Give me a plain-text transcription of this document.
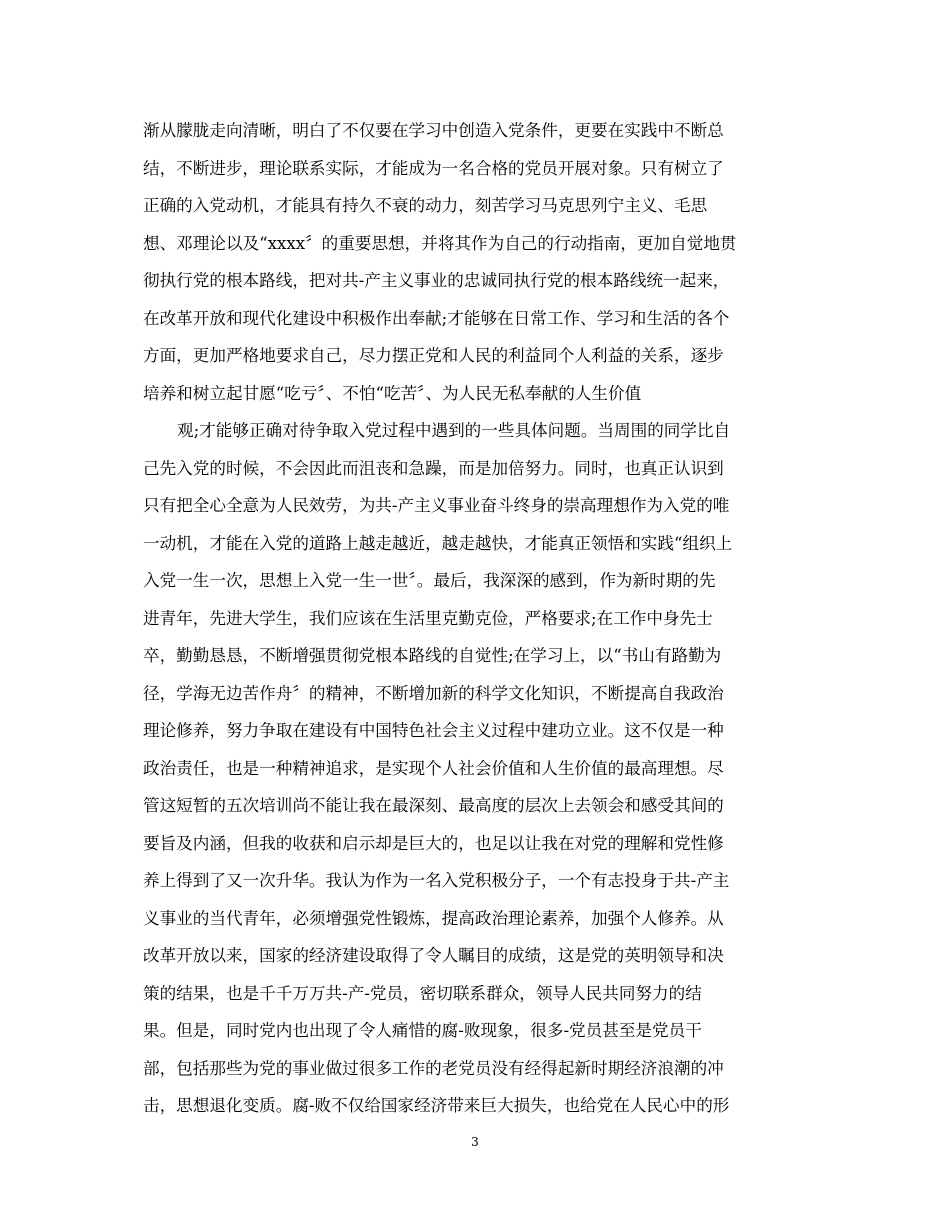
渐从朦胧走向清晰，明白了不仅要在学习中创造入党条件，更要在实践中不断总
结，不断进步，理论联系实际，才能成为一名合格的党员开展对象。只有树立了
正确的入党动机，才能具有持久不衰的动力，刻苦学习马克思列宁主义、毛思
想、邓理论以及“xxxx〞的重要思想，并将其作为自己的行动指南，更加自觉地贯
彻执行党的根本路线，把对共-产主义事业的忠诚同执行党的根本路线统一起来，
在改革开放和现代化建设中积极作出奉献;才能够在日常工作、学习和生活的各个
方面，更加严格地要求自己，尽力摆正党和人民的利益同个人利益的关系，逐步
培养和树立起甘愿“吃亏〞、不怕“吃苦〞、为人民无私奉献的人生价值
观;才能够正确对待争取入党过程中遇到的一些具体问题。当周围的同学比自
己先入党的时候，不会因此而沮丧和急躁，而是加倍努力。同时，也真正认识到
只有把全心全意为人民效劳，为共-产主义事业奋斗终身的崇高理想作为入党的唯
一动机，才能在入党的道路上越走越近，越走越快，才能真正领悟和实践“组织上
入党一生一次，思想上入党一生一世〞。最后，我深深的感到，作为新时期的先
进青年，先进大学生，我们应该在生活里克勤克俭，严格要求;在工作中身先士
卒，勤勤恳恳，不断增强贯彻党根本路线的自觉性;在学习上，以“书山有路勤为
径，学海无边苦作舟〞的精神，不断增加新的科学文化知识，不断提高自我政治
理论修养，努力争取在建设有中国特色社会主义过程中建功立业。这不仅是一种
政治责任，也是一种精神追求，是实现个人社会价值和人生价值的最高理想。尽
管这短暂的五次培训尚不能让我在最深刻、最高度的层次上去领会和感受其间的
要旨及内涵，但我的收获和启示却是巨大的，也足以让我在对党的理解和党性修
养上得到了又一次升华。我认为作为一名入党积极分子，一个有志投身于共-产主
义事业的当代青年，必须增强党性锻炼，提高政治理论素养，加强个人修养。从
改革开放以来，国家的经济建设取得了令人瞩目的成绩，这是党的英明领导和决
策的结果，也是千千万万共-产-党员，密切联系群众，领导人民共同努力的结
果。但是，同时党内也出现了令人痛惜的腐-败现象，很多-党员甚至是党员干
部，包括那些为党的事业做过很多工作的老党员没有经得起新时期经济浪潮的冲
击，思想退化变质。腐-败不仅给国家经济带来巨大损失，也给党在人民心中的形
3
